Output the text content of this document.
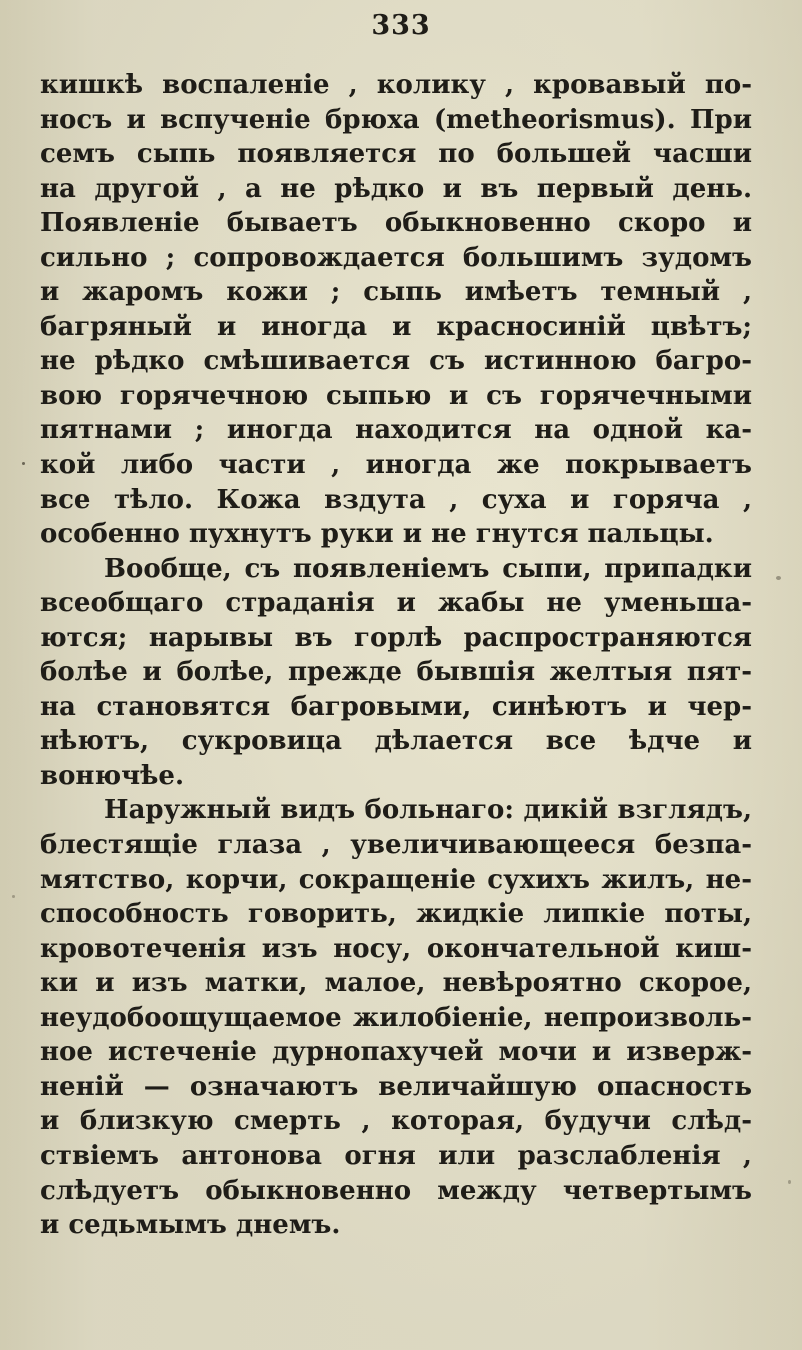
333
кишкѣ воспаленіе , колику , кровавый по-
носъ и вспученіе брюха (metheorismus). При
семъ сыпь появляется по большей часши
на другой , а не рѣдко и въ первый день.
Появленіе бываетъ обыкновенно скоро и
сильно ; сопровождается большимъ зудомъ
и жаромъ кожи ; сыпь имѣетъ темный ,
багряный и иногда и красносиній цвѣтъ;
не рѣдко смѣшивается съ истинною багро-
вою горячечною сыпью и съ горячечными
пятнами ; иногда находится на одной ка-
кой либо части , иногда же покрываетъ
все тѣло. Кожа вздута , суха и горяча ,
особенно пухнутъ руки и не гнутся пальцы.
Вообще, съ появленіемъ сыпи, припадки
всеобщаго страданія и жабы не уменьша-
ются; нарывы въ горлѣ распространяются
болѣе и болѣе, прежде бывшія желтыя пят-
на становятся багровыми, синѣютъ и чер-
нѣютъ, сукровица дѣлается все ѣдче и
вонючѣе.
Наружный видъ больнаго: дикій взглядъ,
блестящіе глаза , увеличивающееся безпа-
мятство, корчи, сокращеніе сухихъ жилъ, не-
способность говорить, жидкіе липкіе поты,
кровотеченія изъ носу, окончательной киш-
ки и изъ матки, малое, невѣроятно скорое,
неудобоощущаемое жилобіеніе, непроизволь-
ное истеченіе дурнопахучей мочи и изверж-
неній — означаютъ величайшую опасность
и близкую смерть , которая, будучи слѣд-
ствіемъ антонова огня или разслабленія ,
слѣдуетъ обыкновенно между четвертымъ
и седьмымъ днемъ.
